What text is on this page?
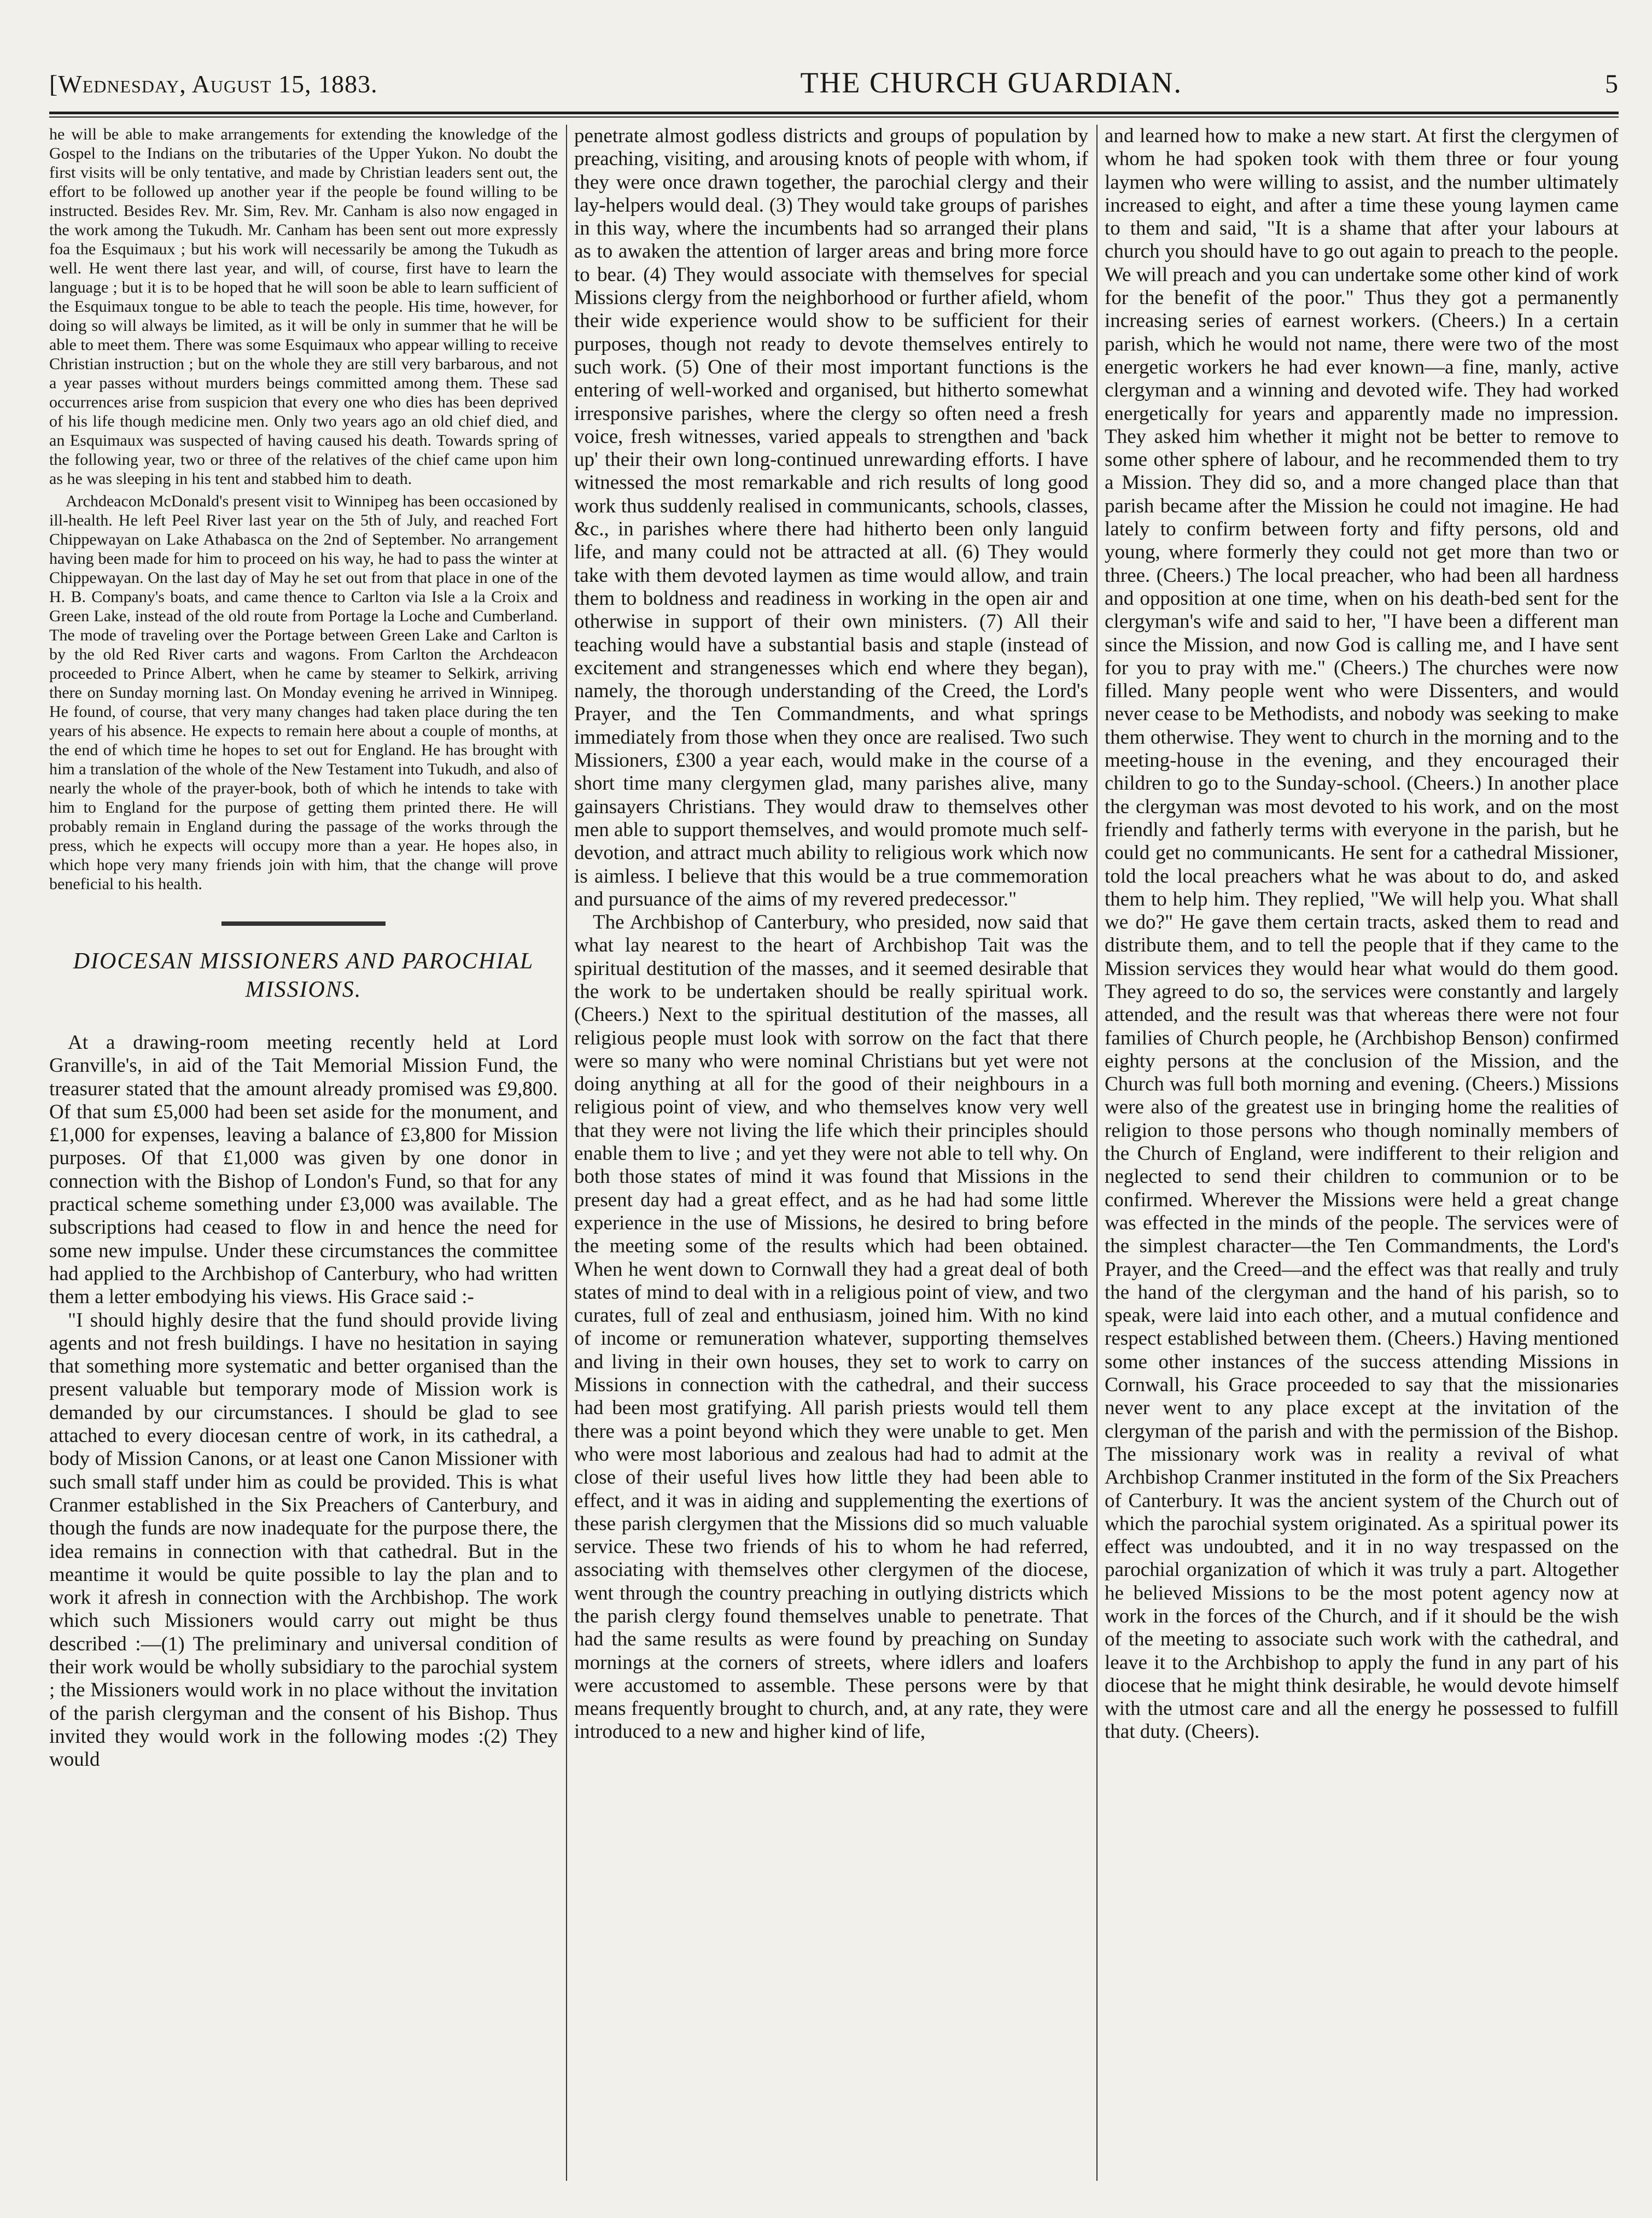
[Wednesday, August 15, 1883.	THE CHURCH GUARDIAN.	5

he will be able to make arrangements for extending the knowledge of the Gospel to the Indians on the tributaries of the Upper Yukon. No doubt the first visits will be only tentative, and made by Christian leaders sent out, the effort to be followed up another year if the people be found willing to be instructed. Besides Rev. Mr. Sim, Rev. Mr. Canham is also now engaged in the work among the Tukudh. Mr. Canham has been sent out more expressly foa the Esquimaux ; but his work will necessarily be among the Tukudh as well. He went there last year, and will, of course, first have to learn the language ; but it is to be hoped that he will soon be able to learn sufficient of the Esquimaux tongue to be able to teach the people. His time, however, for doing so will always be limited, as it will be only in summer that he will be able to meet them. There was some Esquimaux who appear willing to receive Christian instruction ; but on the whole they are still very barbarous, and not a year passes without murders beings committed among them. These sad occurrences arise from suspicion that every one who dies has been deprived of his life though medicine men. Only two years ago an old chief died, and an Esquimaux was suspected of having caused his death. Towards spring of the following year, two or three of the relatives of the chief came upon him as he was sleeping in his tent and stabbed him to death.

Archdeacon McDonald's present visit to Winnipeg has been occasioned by ill-health. He left Peel River last year on the 5th of July, and reached Fort Chippewayan on Lake Athabasca on the 2nd of September. No arrangement having been made for him to proceed on his way, he had to pass the winter at Chippewayan. On the last day of May he set out from that place in one of the H. B. Company's boats, and came thence to Carlton via Isle a la Croix and Green Lake, instead of the old route from Portage la Loche and Cumberland. The mode of traveling over the Portage between Green Lake and Carlton is by the old Red River carts and wagons. From Carlton the Archdeacon proceeded to Prince Albert, when he came by steamer to Selkirk, arriving there on Sunday morning last. On Monday evening he arrived in Winnipeg. He found, of course, that very many changes had taken place during the ten years of his absence. He expects to remain here about a couple of months, at the end of which time he hopes to set out for England. He has brought with him a translation of the whole of the New Testament into Tukudh, and also of nearly the whole of the prayer-book, both of which he intends to take with him to England for the purpose of getting them printed there. He will probably remain in England during the passage of the works through the press, which he expects will occupy more than a year. He hopes also, in which hope very many friends join with him, that the change will prove beneficial to his health.

DIOCESAN MISSIONERS AND PAROCHIAL MISSIONS.

At a drawing-room meeting recently held at Lord Granville's, in aid of the Tait Memorial Mission Fund, the treasurer stated that the amount already promised was £9,800. Of that sum £5,000 had been set aside for the monument, and £1,000 for expenses, leaving a balance of £3,800 for Mission purposes. Of that £1,000 was given by one donor in connection with the Bishop of London's Fund, so that for any practical scheme something under £3,000 was available. The subscriptions had ceased to flow in and hence the need for some new impulse. Under these circumstances the committee had applied to the Archbishop of Canterbury, who had written them a letter embodying his views. His Grace said :-

"I should highly desire that the fund should provide living agents and not fresh buildings. I have no hesitation in saying that something more systematic and better organised than the present valuable but temporary mode of Mission work is demanded by our circumstances. I should be glad to see attached to every diocesan centre of work, in its cathedral, a body of Mission Canons, or at least one Canon Missioner with such small staff under him as could be provided. This is what Cranmer established in the Six Preachers of Canterbury, and though the funds are now inadequate for the purpose there, the idea remains in connection with that cathedral. But in the meantime it would be quite possible to lay the plan and to work it afresh in connection with the Archbishop. The work which such Missioners would carry out might be thus described :—(1) The preliminary and universal condition of their work would be wholly subsidiary to the parochial system ; the Missioners would work in no place without the invitation of the parish clergyman and the consent of his Bishop. Thus invited they would work in the following modes :(2) They would

penetrate almost godless districts and groups of population by preaching, visiting, and arousing knots of people with whom, if they were once drawn together, the parochial clergy and their lay-helpers would deal. (3) They would take groups of parishes in this way, where the incumbents had so arranged their plans as to awaken the attention of larger areas and bring more force to bear. (4) They would associate with themselves for special Missions clergy from the neighborhood or further afield, whom their wide experience would show to be sufficient for their purposes, though not ready to devote themselves entirely to such work. (5) One of their most important functions is the entering of well-worked and organised, but hitherto somewhat irresponsive parishes, where the clergy so often need a fresh voice, fresh witnesses, varied appeals to strengthen and 'back up' their their own long-continued unrewarding efforts. I have witnessed the most remarkable and rich results of long good work thus suddenly realised in communicants, schools, classes, &c., in parishes where there had hitherto been only languid life, and many could not be attracted at all. (6) They would take with them devoted laymen as time would allow, and train them to boldness and readiness in working in the open air and otherwise in support of their own ministers. (7) All their teaching would have a substantial basis and staple (instead of excitement and strangenesses which end where they began), namely, the thorough understanding of the Creed, the Lord's Prayer, and the Ten Commandments, and what springs immediately from those when they once are realised. Two such Missioners, £300 a year each, would make in the course of a short time many clergymen glad, many parishes alive, many gainsayers Christians. They would draw to themselves other men able to support themselves, and would promote much self-devotion, and attract much ability to religious work which now is aimless. I believe that this would be a true commemoration and pursuance of the aims of my revered predecessor."

The Archbishop of Canterbury, who presided, now said that what lay nearest to the heart of Archbishop Tait was the spiritual destitution of the masses, and it seemed desirable that the work to be undertaken should be really spiritual work. (Cheers.) Next to the spiritual destitution of the masses, all religious people must look with sorrow on the fact that there were so many who were nominal Christians but yet were not doing anything at all for the good of their neighbours in a religious point of view, and who themselves know very well that they were not living the life which their principles should enable them to live ; and yet they were not able to tell why. On both those states of mind it was found that Missions in the present day had a great effect, and as he had had some little experience in the use of Missions, he desired to bring before the meeting some of the results which had been obtained. When he went down to Cornwall they had a great deal of both states of mind to deal with in a religious point of view, and two curates, full of zeal and enthusiasm, joined him. With no kind of income or remuneration whatever, supporting themselves and living in their own houses, they set to work to carry on Missions in connection with the cathedral, and their success had been most gratifying. All parish priests would tell them there was a point beyond which they were unable to get. Men who were most laborious and zealous had had to admit at the close of their useful lives how little they had been able to effect, and it was in aiding and supplementing the exertions of these parish clergymen that the Missions did so much valuable service. These two friends of his to whom he had referred, associating with themselves other clergymen of the diocese, went through the country preaching in outlying districts which the parish clergy found themselves unable to penetrate. That had the same results as were found by preaching on Sunday mornings at the corners of streets, where idlers and loafers were accustomed to assemble. These persons were by that means frequently brought to church, and, at any rate, they were introduced to a new and higher kind of life,

and learned how to make a new start. At first the clergymen of whom he had spoken took with them three or four young laymen who were willing to assist, and the number ultimately increased to eight, and after a time these young laymen came to them and said, "It is a shame that after your labours at church you should have to go out again to preach to the people. We will preach and you can undertake some other kind of work for the benefit of the poor." Thus they got a permanently increasing series of earnest workers. (Cheers.) In a certain parish, which he would not name, there were two of the most energetic workers he had ever known—a fine, manly, active clergyman and a winning and devoted wife. They had worked energetically for years and apparently made no impression. They asked him whether it might not be better to remove to some other sphere of labour, and he recommended them to try a Mission. They did so, and a more changed place than that parish became after the Mission he could not imagine. He had lately to confirm between forty and fifty persons, old and young, where formerly they could not get more than two or three. (Cheers.) The local preacher, who had been all hardness and opposition at one time, when on his death-bed sent for the clergyman's wife and said to her, "I have been a different man since the Mission, and now God is calling me, and I have sent for you to pray with me." (Cheers.) The churches were now filled. Many people went who were Dissenters, and would never cease to be Methodists, and nobody was seeking to make them otherwise. They went to church in the morning and to the meeting-house in the evening, and they encouraged their children to go to the Sunday-school. (Cheers.) In another place the clergyman was most devoted to his work, and on the most friendly and fatherly terms with everyone in the parish, but he could get no communicants. He sent for a cathedral Missioner, told the local preachers what he was about to do, and asked them to help him. They replied, "We will help you. What shall we do?" He gave them certain tracts, asked them to read and distribute them, and to tell the people that if they came to the Mission services they would hear what would do them good. They agreed to do so, the services were constantly and largely attended, and the result was that whereas there were not four families of Church people, he (Archbishop Benson) confirmed eighty persons at the conclusion of the Mission, and the Church was full both morning and evening. (Cheers.) Missions were also of the greatest use in bringing home the realities of religion to those persons who though nominally members of the Church of England, were indifferent to their religion and neglected to send their children to communion or to be confirmed. Wherever the Missions were held a great change was effected in the minds of the people. The services were of the simplest character—the Ten Commandments, the Lord's Prayer, and the Creed—and the effect was that really and truly the hand of the clergyman and the hand of his parish, so to speak, were laid into each other, and a mutual confidence and respect established between them. (Cheers.) Having mentioned some other instances of the success attending Missions in Cornwall, his Grace proceeded to say that the missionaries never went to any place except at the invitation of the clergyman of the parish and with the permission of the Bishop. The missionary work was in reality a revival of what Archbishop Cranmer instituted in the form of the Six Preachers of Canterbury. It was the ancient system of the Church out of which the parochial system originated. As a spiritual power its effect was undoubted, and it in no way trespassed on the parochial organization of which it was truly a part. Altogether he believed Missions to be the most potent agency now at work in the forces of the Church, and if it should be the wish of the meeting to associate such work with the cathedral, and leave it to the Archbishop to apply the fund in any part of his diocese that he might think desirable, he would devote himself with the utmost care and all the energy he possessed to fulfill that duty. (Cheers).
